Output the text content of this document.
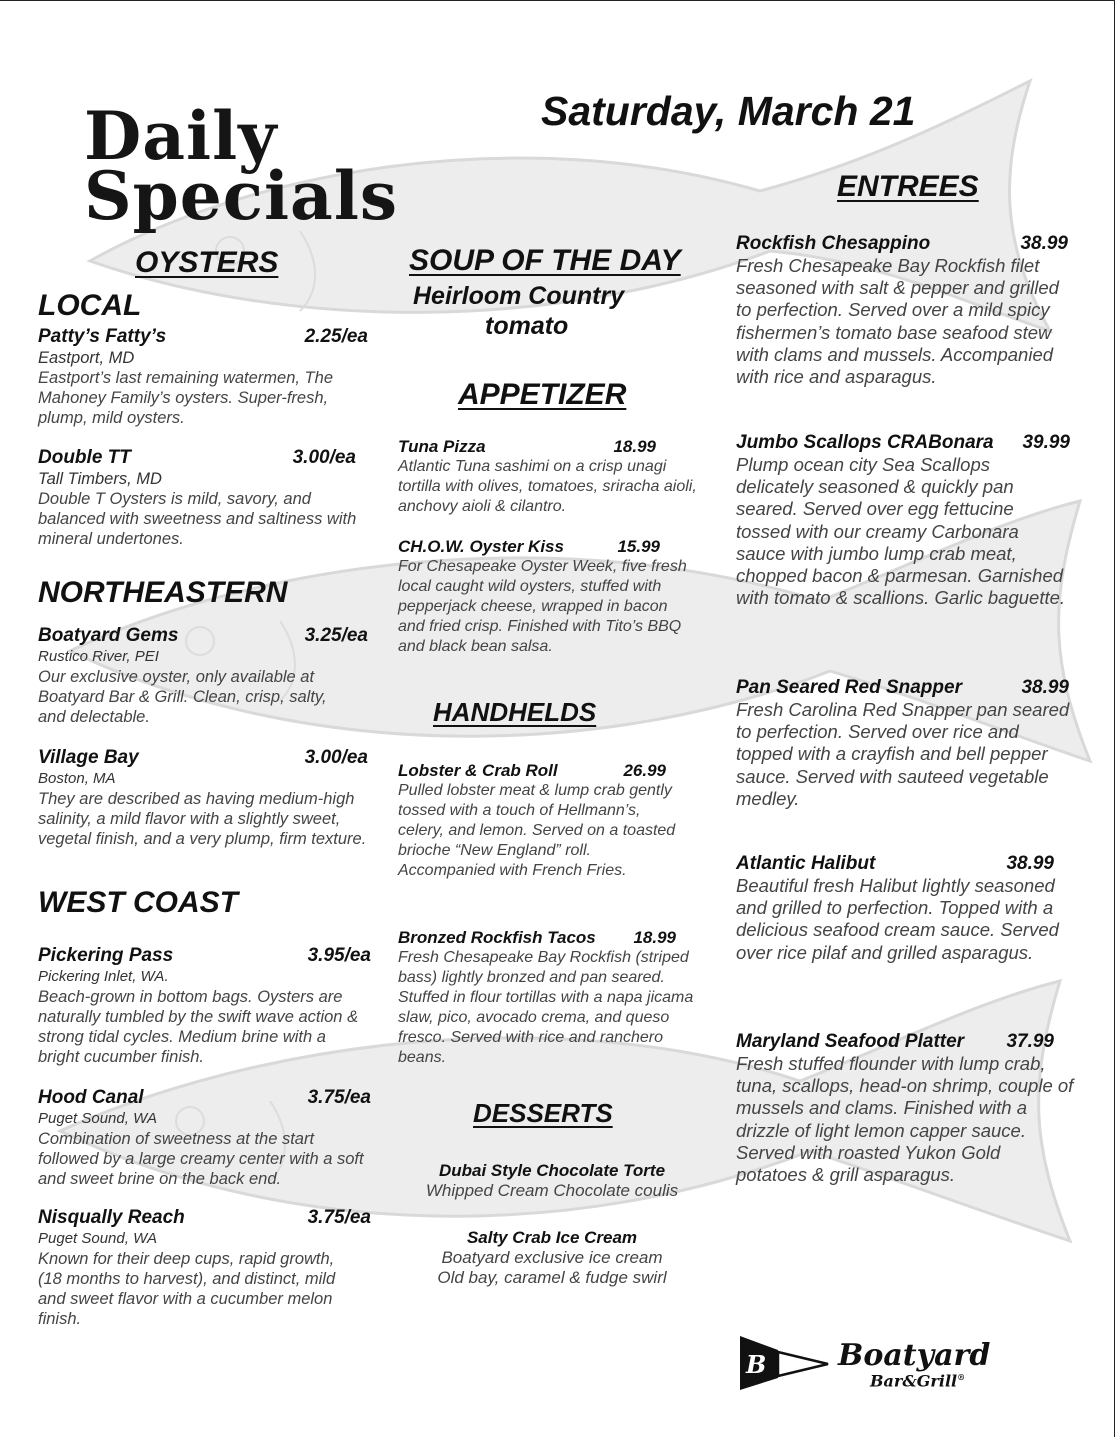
Daily
Specials
Saturday, March 21
OYSTERS
LOCAL
Patty’s Fatty’s	2.25/ea
Eastport, MD
Eastport’s last remaining watermen, The Mahoney Family’s oysters. Super-fresh, plump, mild oysters.
Double TT	3.00/ea
Tall Timbers, MD
Double T Oysters is mild, savory, and balanced with sweetness and saltiness with mineral undertones.
NORTHEASTERN
Boatyard Gems	3.25/ea
Rustico River, PEI
Our exclusive oyster, only available at Boatyard Bar & Grill. Clean, crisp, salty, and delectable.
Village Bay	3.00/ea
Boston, MA
They are described as having medium-high salinity, a mild flavor with a slightly sweet, vegetal finish, and a very plump, firm texture.
WEST COAST
Pickering Pass	3.95/ea
Pickering Inlet, WA.
Beach-grown in bottom bags. Oysters are naturally tumbled by the swift wave action & strong tidal cycles. Medium brine with a bright cucumber finish.
Hood Canal	3.75/ea
Puget Sound, WA
Combination of sweetness at the start followed by a large creamy center with a soft and sweet brine on the back end.
Nisqually Reach	3.75/ea
Puget Sound, WA
Known for their deep cups, rapid growth, (18 months to harvest), and distinct, mild and sweet flavor with a cucumber melon finish.
SOUP OF THE DAY
Heirloom Country
tomato
APPETIZER
Tuna Pizza	18.99
Atlantic Tuna sashimi on a crisp unagi tortilla with olives, tomatoes, sriracha aioli, anchovy aioli & cilantro.
CH.O.W. Oyster Kiss	15.99
For Chesapeake Oyster Week, five fresh local caught wild oysters, stuffed with pepperjack cheese, wrapped in bacon and fried crisp. Finished with Tito’s BBQ and black bean salsa.
HANDHELDS
Lobster & Crab Roll	26.99
Pulled lobster meat & lump crab gently tossed with a touch of Hellmann’s, celery, and lemon. Served on a toasted brioche “New England” roll. Accompanied with French Fries.
Bronzed Rockfish Tacos 18.99
Fresh Chesapeake Bay Rockfish (striped bass) lightly bronzed and pan seared. Stuffed in flour tortillas with a napa jicama slaw, pico, avocado crema, and queso fresco. Served with rice and ranchero beans.
DESSERTS
Dubai Style Chocolate Torte
Whipped Cream Chocolate coulis
Salty Crab Ice Cream
Boatyard exclusive ice cream
Old bay, caramel & fudge swirl
ENTREES
Rockfish Chesappino	38.99
Fresh Chesapeake Bay Rockfish filet seasoned with salt & pepper and grilled to perfection. Served over a mild spicy fishermen’s tomato base seafood stew with clams and mussels. Accompanied with rice and asparagus.
Jumbo Scallops CRABonara 39.99
Plump ocean city Sea Scallops delicately seasoned & quickly pan seared. Served over egg fettucine tossed with our creamy Carbonara sauce with jumbo lump crab meat, chopped bacon & parmesan. Garnished with tomato & scallions. Garlic baguette.
Pan Seared Red Snapper	38.99
Fresh Carolina Red Snapper pan seared to perfection. Served over rice and topped with a crayfish and bell pepper sauce. Served with sauteed vegetable medley.
Atlantic Halibut	38.99
Beautiful fresh Halibut lightly seasoned and grilled to perfection. Topped with a delicious seafood cream sauce. Served over rice pilaf and grilled asparagus.
Maryland Seafood Platter 37.99
Fresh stuffed flounder with lump crab, tuna, scallops, head-on shrimp, couple of mussels and clams. Finished with a drizzle of light lemon capper sauce. Served with roasted Yukon Gold potatoes & grill asparagus.
B Boatyard
Bar&Grill®
